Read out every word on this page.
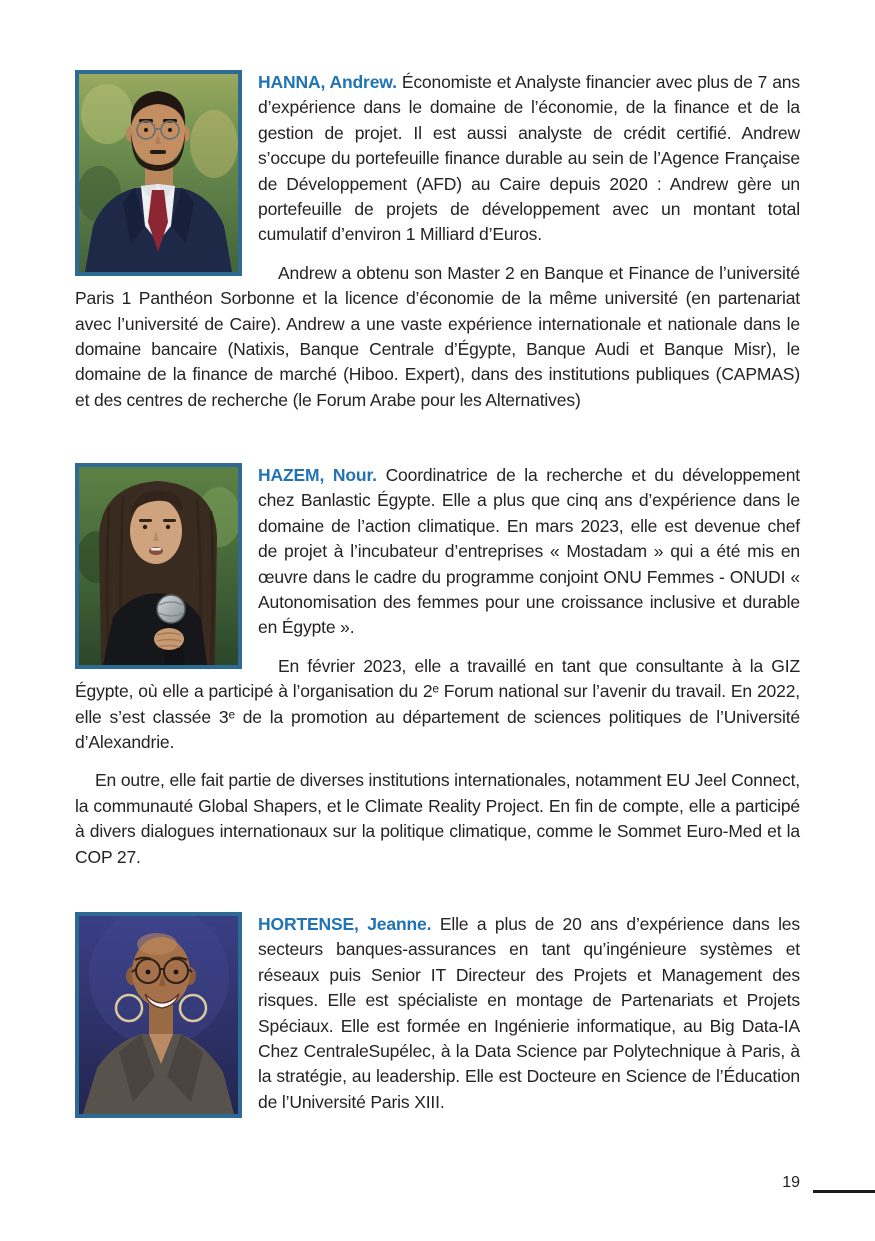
HANNA, Andrew. Économiste et Analyste financier avec plus de 7 ans d’expérience dans le domaine de l’économie, de la finance et de la gestion de projet. Il est aussi analyste de crédit certifié. Andrew s’occupe du portefeuille finance durable au sein de l’Agence Française de Développement (AFD) au Caire depuis 2020 : Andrew gère un portefeuille de projets de développement avec un montant total cumulatif d’environ 1 Milliard d’Euros.

Andrew a obtenu son Master 2 en Banque et Finance de l’université Paris 1 Panthéon Sorbonne et la licence d’économie de la même université (en partenariat avec l’université de Caire). Andrew a une vaste expérience internationale et nationale dans le domaine bancaire (Natixis, Banque Centrale d’Égypte, Banque Audi et Banque Misr), le domaine de la finance de marché (Hiboo. Expert), dans des institutions publiques (CAPMAS) et des centres de recherche (le Forum Arabe pour les Alternatives)

HAZEM, Nour. Coordinatrice de la recherche et du développement chez Banlastic Égypte. Elle a plus que cinq ans d’expérience dans le domaine de l’action climatique. En mars 2023, elle est devenue chef de projet à l’incubateur d’entreprises « Mostadam » qui a été mis en œuvre dans le cadre du programme conjoint ONU Femmes - ONUDI « Autonomisation des femmes pour une croissance inclusive et durable en Égypte ».

En février 2023, elle a travaillé en tant que consultante à la GIZ Égypte, où elle a participé à l’organisation du 2ᵉ Forum national sur l’avenir du travail. En 2022, elle s’est classée 3ᵉ de la promotion au département de sciences politiques de l’Université d’Alexandrie.

En outre, elle fait partie de diverses institutions internationales, notamment EU Jeel Connect, la communauté Global Shapers, et le Climate Reality Project. En fin de compte, elle a participé à divers dialogues internationaux sur la politique climatique, comme le Sommet Euro-Med et la COP 27.

HORTENSE, Jeanne. Elle a plus de 20 ans d’expérience dans les secteurs banques-assurances en tant qu’ingénieure systèmes et réseaux puis Senior IT Directeur des Projets et Management des risques. Elle est spécialiste en montage de Partenariats et Projets Spéciaux. Elle est formée en Ingénierie informatique, au Big Data-IA Chez CentraleSupélec, à la Data Science par Polytechnique à Paris, à la stratégie, au leadership. Elle est Docteure en Science de l’Éducation de l’Université Paris XIII.

19
